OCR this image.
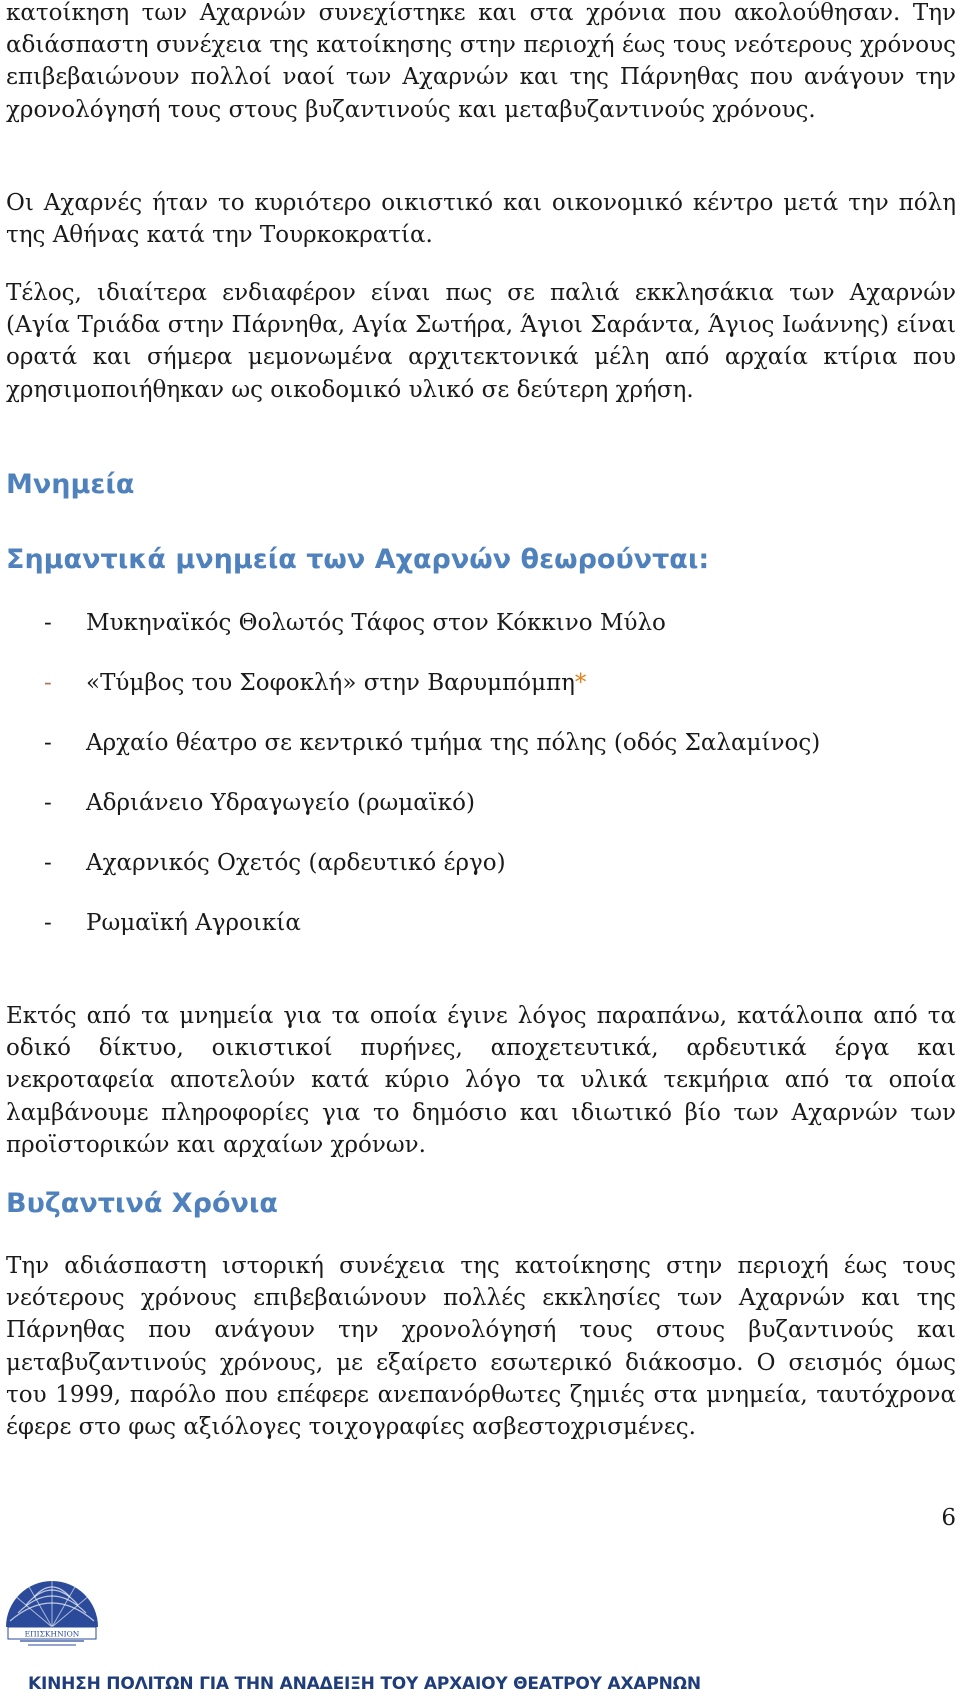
κατοίκηση των Αχαρνών συνεχίστηκε και στα χρόνια που ακολούθησαν. Την αδιάσπαστη συνέχεια της κατοίκησης στην περιοχή έως τους νεότερους χρόνους επιβεβαιώνουν πολλοί ναοί των Αχαρνών και της Πάρνηθας που ανάγουν την χρονολόγησή τους στους βυζαντινούς και μεταβυζαντινούς χρόνους.

Οι Αχαρνές ήταν το κυριότερο οικιστικό και οικονομικό κέντρο μετά την πόλη της Αθήνας κατά την Τουρκοκρατία.

Τέλος, ιδιαίτερα ενδιαφέρον είναι πως σε παλιά εκκλησάκια των Αχαρνών (Αγία Τριάδα στην Πάρνηθα, Αγία Σωτήρα, Άγιοι Σαράντα, Άγιος Ιωάννης) είναι ορατά και σήμερα μεμονωμένα αρχιτεκτονικά μέλη από αρχαία κτίρια που χρησιμοποιήθηκαν ως οικοδομικό υλικό σε δεύτερη χρήση.

Μνημεία
Σημαντικά μνημεία των Αχαρνών θεωρούνται:
- Μυκηναϊκός Θολωτός Τάφος στον Κόκκινο Μύλο
- «Τύμβος του Σοφοκλή» στην Βαρυμπόμπη*
- Αρχαίο θέατρο σε κεντρικό τμήμα της πόλης (οδός Σαλαμίνος)
- Αδριάνειο Υδραγωγείο (ρωμαϊκό)
- Αχαρνικός Οχετός (αρδευτικό έργο)
- Ρωμαϊκή Αγροικία

Εκτός από τα μνημεία για τα οποία έγινε λόγος παραπάνω, κατάλοιπα από τα οδικό δίκτυο, οικιστικοί πυρήνες, αποχετευτικά, αρδευτικά έργα και νεκροταφεία αποτελούν κατά κύριο λόγο τα υλικά τεκμήρια από τα οποία λαμβάνουμε πληροφορίες για το δημόσιο και ιδιωτικό βίο των Αχαρνών των προϊστορικών και αρχαίων χρόνων.

Βυζαντινά Χρόνια

Την αδιάσπαστη ιστορική συνέχεια της κατοίκησης στην περιοχή έως τους νεότερους χρόνους επιβεβαιώνουν πολλές εκκλησίες των Αχαρνών και της Πάρνηθας που ανάγουν την χρονολόγησή τους στους βυζαντινούς και μεταβυζαντινούς χρόνους, με εξαίρετο εσωτερικό διάκοσμο. Ο σεισμός όμως του 1999, παρόλο που επέφερε ανεπανόρθωτες ζημιές στα μνημεία, ταυτόχρονα έφερε στο φως αξιόλογες τοιχογραφίες ασβεστοχρισμένες.

6
ΕΠΙΣΚΗΝΙΟΝ
ΚΙΝΗΣΗ ΠΟΛΙΤΩΝ ΓΙΑ ΤΗΝ ΑΝΑΔΕΙΞΗ ΤΟΥ ΑΡΧΑΙΟΥ ΘΕΑΤΡΟΥ ΑΧΑΡΝΩΝ
